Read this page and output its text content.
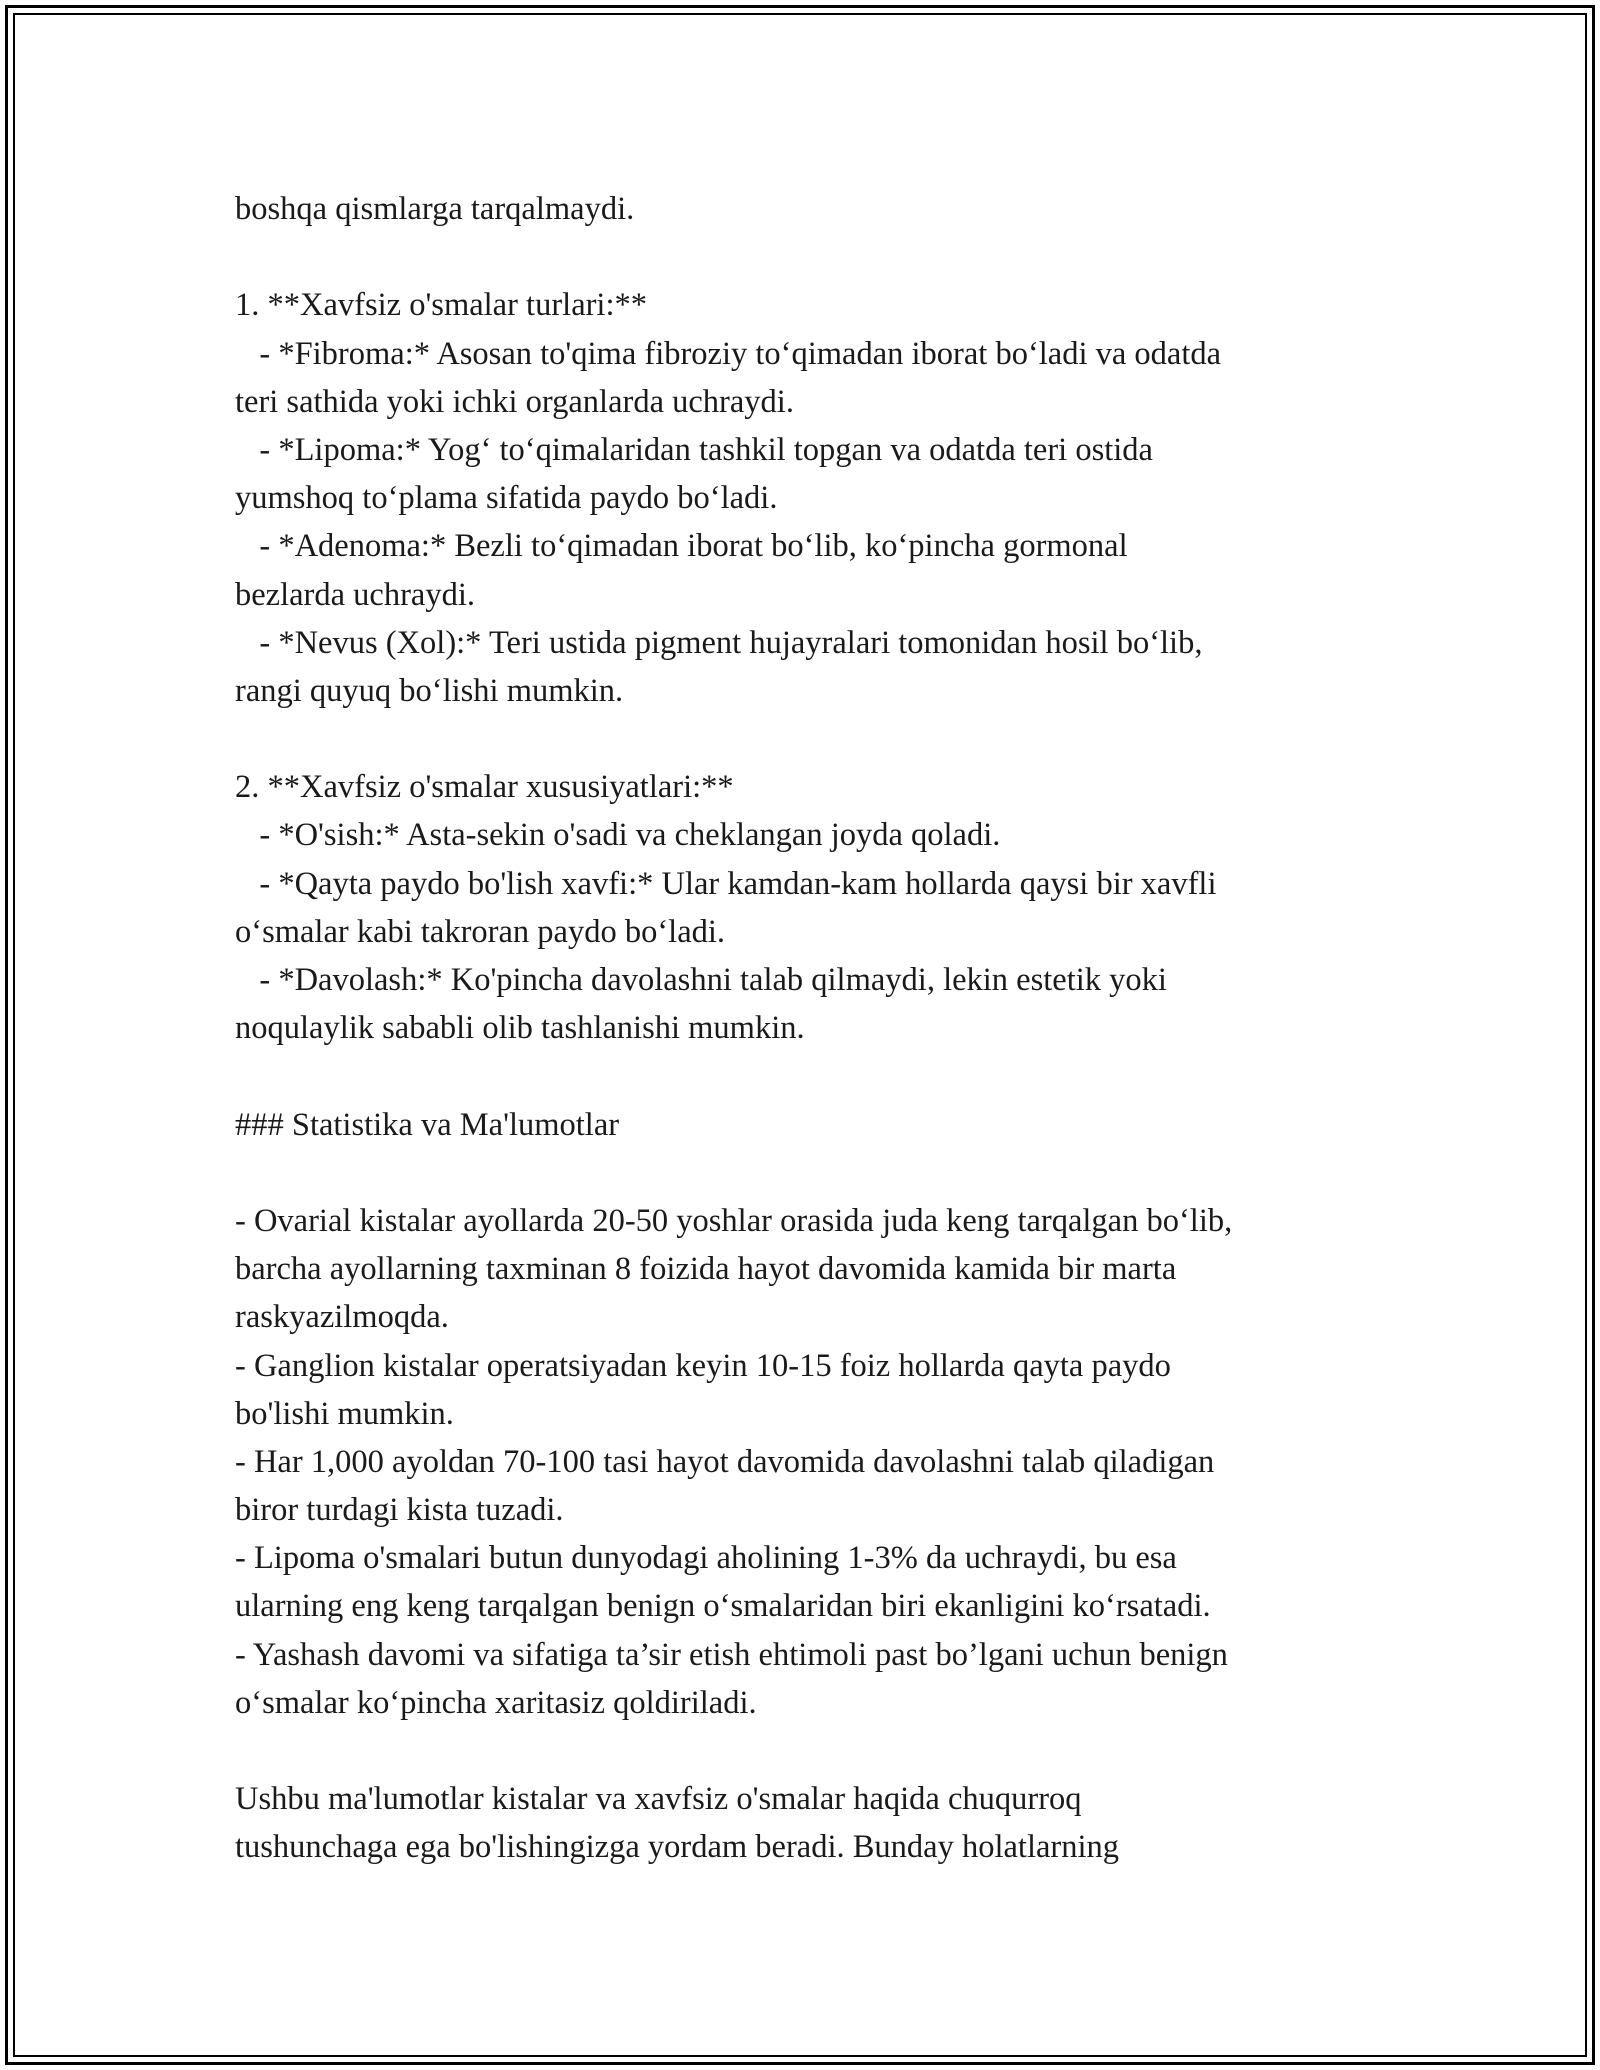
boshqa qismlarga tarqalmaydi.
1. **Xavfsiz o'smalar turlari:**
- *Fibroma:* Asosan to'qima fibroziy to‘qimadan iborat bo‘ladi va odatda
teri sathida yoki ichki organlarda uchraydi.
- *Lipoma:* Yog‘ to‘qimalaridan tashkil topgan va odatda teri ostida
yumshoq to‘plama sifatida paydo bo‘ladi.
- *Adenoma:* Bezli to‘qimadan iborat bo‘lib, ko‘pincha gormonal
bezlarda uchraydi.
- *Nevus (Xol):* Teri ustida pigment hujayralari tomonidan hosil bo‘lib,
rangi quyuq bo‘lishi mumkin.
2. **Xavfsiz o'smalar xususiyatlari:**
- *O'sish:* Asta-sekin o'sadi va cheklangan joyda qoladi.
- *Qayta paydo bo'lish xavfi:* Ular kamdan-kam hollarda qaysi bir xavfli
o‘smalar kabi takroran paydo bo‘ladi.
- *Davolash:* Ko'pincha davolashni talab qilmaydi, lekin estetik yoki
noqulaylik sababli olib tashlanishi mumkin.
### Statistika va Ma'lumotlar
- Ovarial kistalar ayollarda 20-50 yoshlar orasida juda keng tarqalgan bo‘lib,
barcha ayollarning taxminan 8 foizida hayot davomida kamida bir marta
raskyazilmoqda.
- Ganglion kistalar operatsiyadan keyin 10-15 foiz hollarda qayta paydo
bo'lishi mumkin.
- Har 1,000 ayoldan 70-100 tasi hayot davomida davolashni talab qiladigan
biror turdagi kista tuzadi.
- Lipoma o'smalari butun dunyodagi aholining 1-3% da uchraydi, bu esa
ularning eng keng tarqalgan benign o‘smalaridan biri ekanligini ko‘rsatadi.
- Yashash davomi va sifatiga ta’sir etish ehtimoli past bo’lgani uchun benign
o‘smalar ko‘pincha xaritasiz qoldiriladi.
Ushbu ma'lumotlar kistalar va xavfsiz o'smalar haqida chuqurroq
tushunchaga ega bo'lishingizga yordam beradi. Bunday holatlarning
